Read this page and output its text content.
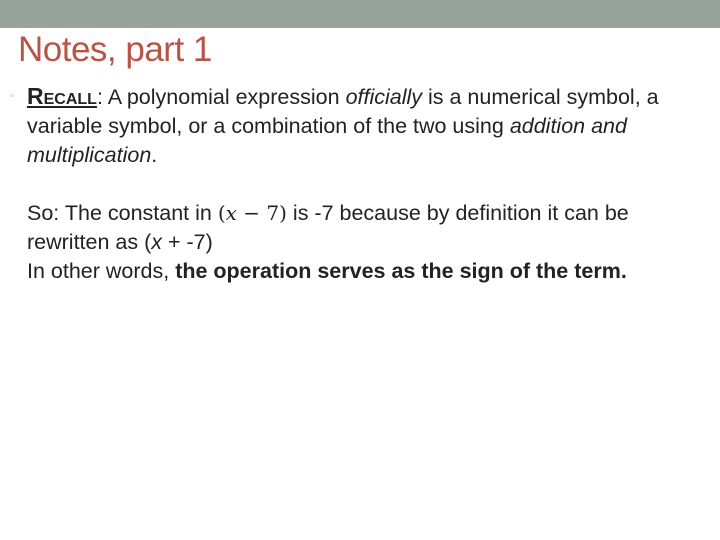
Notes, part 1
▫ Recall: A polynomial expression officially is a numerical symbol, a variable symbol, or a combination of the two using addition and multiplication.

So: The constant in (x − 7) is -7 because by definition it can be rewritten as (x + -7)
In other words, the operation serves as the sign of the term.
